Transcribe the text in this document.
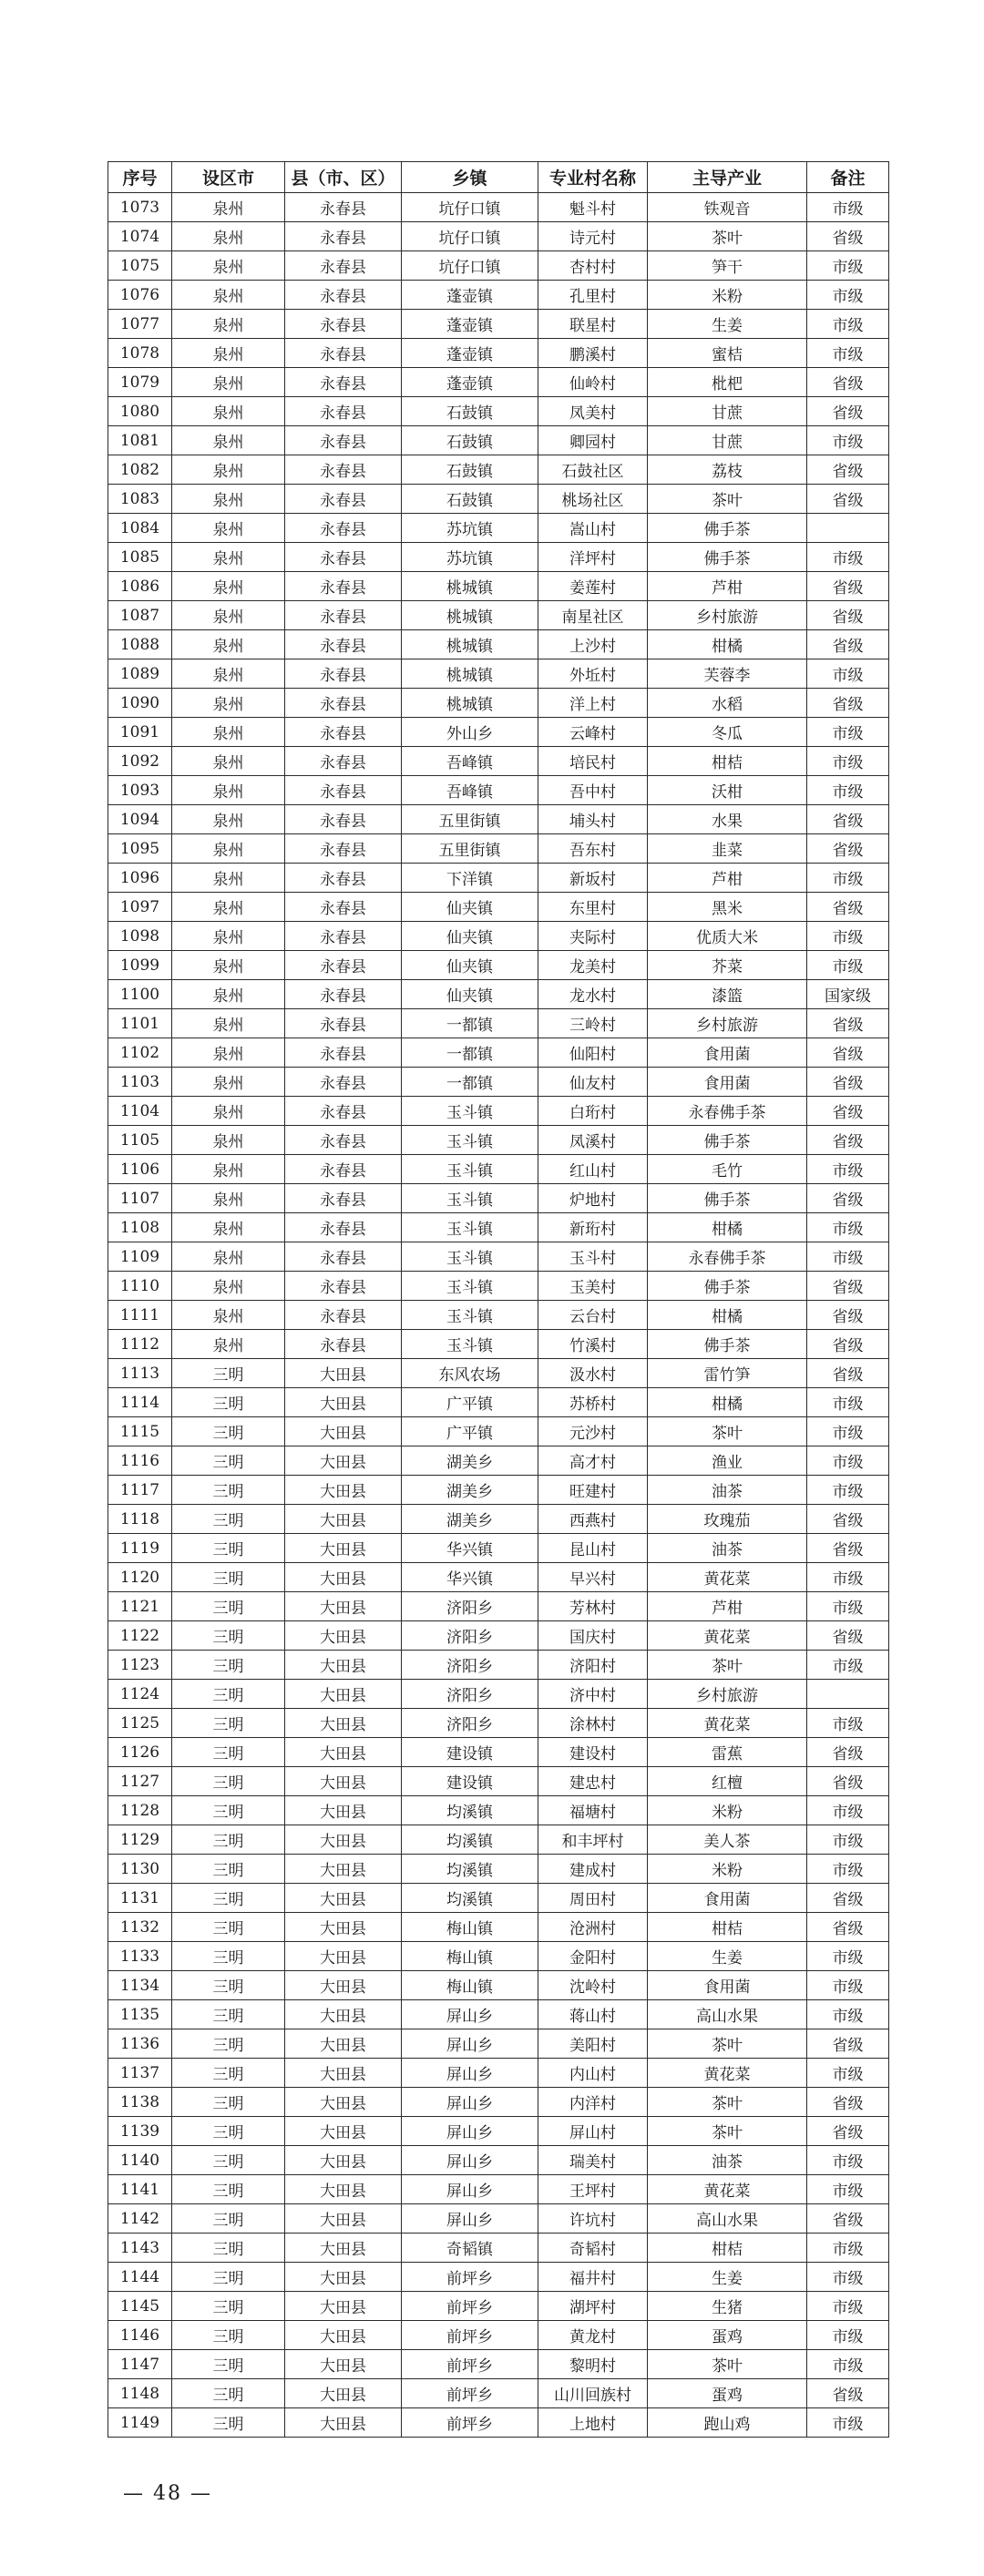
序号	设区市	县（市、区）	乡镇	专业村名称	主导产业	备注
1073	泉州	永春县	坑仔口镇	魁斗村	铁观音	市级
1074	泉州	永春县	坑仔口镇	诗元村	茶叶	省级
1075	泉州	永春县	坑仔口镇	杏村村	笋干	市级
1076	泉州	永春县	蓬壶镇	孔里村	米粉	市级
1077	泉州	永春县	蓬壶镇	联星村	生姜	市级
1078	泉州	永春县	蓬壶镇	鹏溪村	蜜桔	市级
1079	泉州	永春县	蓬壶镇	仙岭村	枇杷	省级
1080	泉州	永春县	石鼓镇	凤美村	甘蔗	省级
1081	泉州	永春县	石鼓镇	卿园村	甘蔗	市级
1082	泉州	永春县	石鼓镇	石鼓社区	荔枝	省级
1083	泉州	永春县	石鼓镇	桃场社区	茶叶	省级
1084	泉州	永春县	苏坑镇	嵩山村	佛手茶	
1085	泉州	永春县	苏坑镇	洋坪村	佛手茶	市级
1086	泉州	永春县	桃城镇	姜莲村	芦柑	省级
1087	泉州	永春县	桃城镇	南星社区	乡村旅游	省级
1088	泉州	永春县	桃城镇	上沙村	柑橘	省级
1089	泉州	永春县	桃城镇	外坵村	芙蓉李	市级
1090	泉州	永春县	桃城镇	洋上村	水稻	省级
1091	泉州	永春县	外山乡	云峰村	冬瓜	市级
1092	泉州	永春县	吾峰镇	培民村	柑桔	市级
1093	泉州	永春县	吾峰镇	吾中村	沃柑	市级
1094	泉州	永春县	五里街镇	埔头村	水果	省级
1095	泉州	永春县	五里街镇	吾东村	韭菜	省级
1096	泉州	永春县	下洋镇	新坂村	芦柑	市级
1097	泉州	永春县	仙夹镇	东里村	黑米	省级
1098	泉州	永春县	仙夹镇	夹际村	优质大米	市级
1099	泉州	永春县	仙夹镇	龙美村	芥菜	市级
1100	泉州	永春县	仙夹镇	龙水村	漆篮	国家级
1101	泉州	永春县	一都镇	三岭村	乡村旅游	省级
1102	泉州	永春县	一都镇	仙阳村	食用菌	省级
1103	泉州	永春县	一都镇	仙友村	食用菌	省级
1104	泉州	永春县	玉斗镇	白珩村	永春佛手茶	省级
1105	泉州	永春县	玉斗镇	凤溪村	佛手茶	省级
1106	泉州	永春县	玉斗镇	红山村	毛竹	市级
1107	泉州	永春县	玉斗镇	炉地村	佛手茶	省级
1108	泉州	永春县	玉斗镇	新珩村	柑橘	市级
1109	泉州	永春县	玉斗镇	玉斗村	永春佛手茶	市级
1110	泉州	永春县	玉斗镇	玉美村	佛手茶	省级
1111	泉州	永春县	玉斗镇	云台村	柑橘	省级
1112	泉州	永春县	玉斗镇	竹溪村	佛手茶	省级
1113	三明	大田县	东风农场	汲水村	雷竹笋	省级
1114	三明	大田县	广平镇	苏桥村	柑橘	市级
1115	三明	大田县	广平镇	元沙村	茶叶	市级
1116	三明	大田县	湖美乡	高才村	渔业	市级
1117	三明	大田县	湖美乡	旺建村	油茶	市级
1118	三明	大田县	湖美乡	西燕村	玫瑰茄	省级
1119	三明	大田县	华兴镇	昆山村	油茶	省级
1120	三明	大田县	华兴镇	早兴村	黄花菜	市级
1121	三明	大田县	济阳乡	芳林村	芦柑	市级
1122	三明	大田县	济阳乡	国庆村	黄花菜	省级
1123	三明	大田县	济阳乡	济阳村	茶叶	市级
1124	三明	大田县	济阳乡	济中村	乡村旅游	
1125	三明	大田县	济阳乡	涂林村	黄花菜	市级
1126	三明	大田县	建设镇	建设村	雷蕉	省级
1127	三明	大田县	建设镇	建忠村	红檀	省级
1128	三明	大田县	均溪镇	福塘村	米粉	市级
1129	三明	大田县	均溪镇	和丰坪村	美人茶	市级
1130	三明	大田县	均溪镇	建成村	米粉	市级
1131	三明	大田县	均溪镇	周田村	食用菌	省级
1132	三明	大田县	梅山镇	沧洲村	柑桔	省级
1133	三明	大田县	梅山镇	金阳村	生姜	市级
1134	三明	大田县	梅山镇	沈岭村	食用菌	市级
1135	三明	大田县	屏山乡	蒋山村	高山水果	市级
1136	三明	大田县	屏山乡	美阳村	茶叶	省级
1137	三明	大田县	屏山乡	内山村	黄花菜	市级
1138	三明	大田县	屏山乡	内洋村	茶叶	省级
1139	三明	大田县	屏山乡	屏山村	茶叶	省级
1140	三明	大田县	屏山乡	瑞美村	油茶	市级
1141	三明	大田县	屏山乡	王坪村	黄花菜	市级
1142	三明	大田县	屏山乡	许坑村	高山水果	省级
1143	三明	大田县	奇韬镇	奇韬村	柑桔	市级
1144	三明	大田县	前坪乡	福井村	生姜	市级
1145	三明	大田县	前坪乡	湖坪村	生猪	市级
1146	三明	大田县	前坪乡	黄龙村	蛋鸡	市级
1147	三明	大田县	前坪乡	黎明村	茶叶	市级
1148	三明	大田县	前坪乡	山川回族村	蛋鸡	省级
1149	三明	大田县	前坪乡	上地村	跑山鸡	市级
— 48 —
